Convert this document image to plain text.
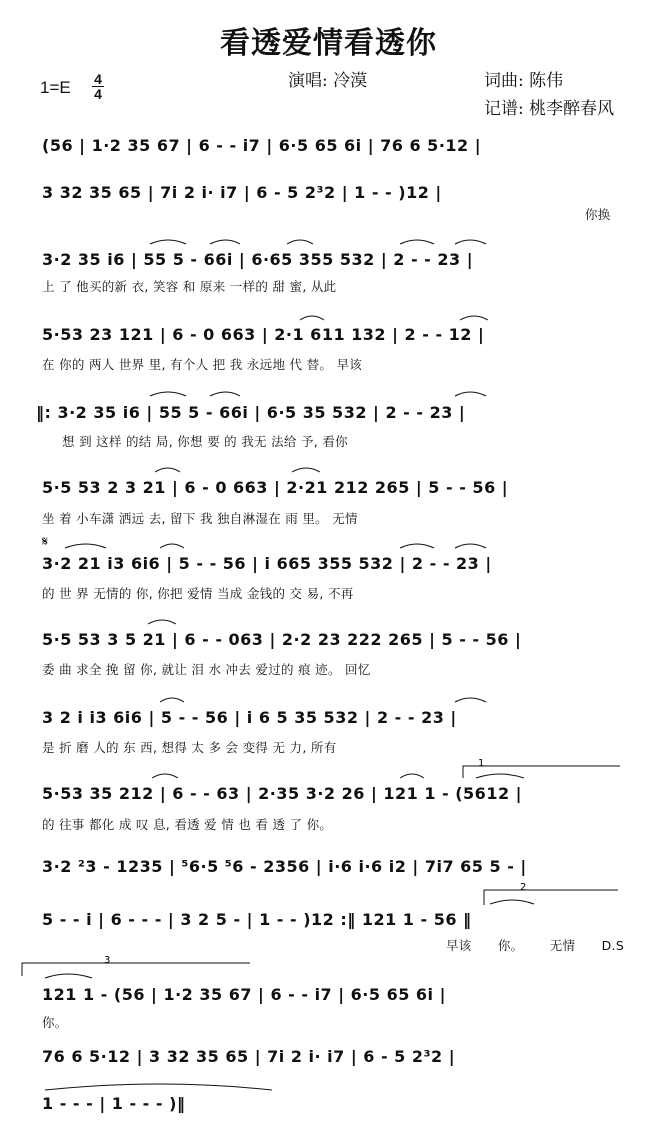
看透爱情看透你
1=E 4
4
演唱: 冷漠	词曲: 陈伟
记谱: 桃李醉春风
(56 | 1·2 35 67 | 6 - - i7 | 6·5 65 6i | 76 6 5·12 |
3 32 35 65 | 7i 2 i· i7 | 6 - 5 2³2 | 1 - - )12 |
你换
3·2 35 i6 | 55 5 - 66i | 6·65 355 532 | 2 - - 23 |
上 了 他买的新 衣, 笑容 和 原来 一样的 甜 蜜, 从此
5·53 23 121 | 6 - 0 663 | 2·1 611 132 | 2 - - 12 |
在 你的 两人 世界 里, 有个人 把 我 永远地 代 替。 早该
‖: 3·2 35 i6 | 55 5 - 66i | 6·5 35 532 | 2 - - 23 |
想 到 这样 的结 局, 你想 要 的 我无 法给 予, 看你
5·5 53 2 3 21 | 6 - 0 663 | 2·21 212 265 | 5 - - 56 |
坐 着 小车潇 洒远 去, 留下 我 独自淋湿在 雨 里。 无情
3·2 21 i3 6i6 | 5 - - 56 | i 665 355 532 | 2 - - 23 |
的 世 界 无情的 你, 你把 爱情 当成 金钱的 交 易, 不再
5·5 53 3 5 21 | 6 - - 063 | 2·2 23 222 265 | 5 - - 56 |
委 曲 求全 挽 留 你, 就让 泪 水 冲去 爱过的 痕 迹。 回忆
3 2 i i3 6i6 | 5 - - 56 | i 6 5 35 532 | 2 - - 23 |
是 折 磨 人的 东 西, 想得 太 多 会 变得 无 力, 所有
5·53 35 212 | 6 - - 63 | 2·35 3·2 26 | 121 1 - (5612 |
的 往事 都化 成 叹 息, 看透 爱 情 也 看 透 了 你。
3·2 ²3 - 1235 | ⁵6·5 ⁵6 - 2356 | i·6 i·6 i2 | 7i7 65 5 - |
5 - - i | 6 - - - | 3 2 5 - | 1 - - )12 :‖ 121 1 - 56 ‖
早该 你。 无情 D.S
121 1 - (56 | 1·2 35 67 | 6 - - i7 | 6·5 65 6i |
你。
76 6 5·12 | 3 32 35 65 | 7i 2 i· i7 | 6 - 5 2³2 |
1 - - - | 1 - - - )‖
1
2
3
𝄋
